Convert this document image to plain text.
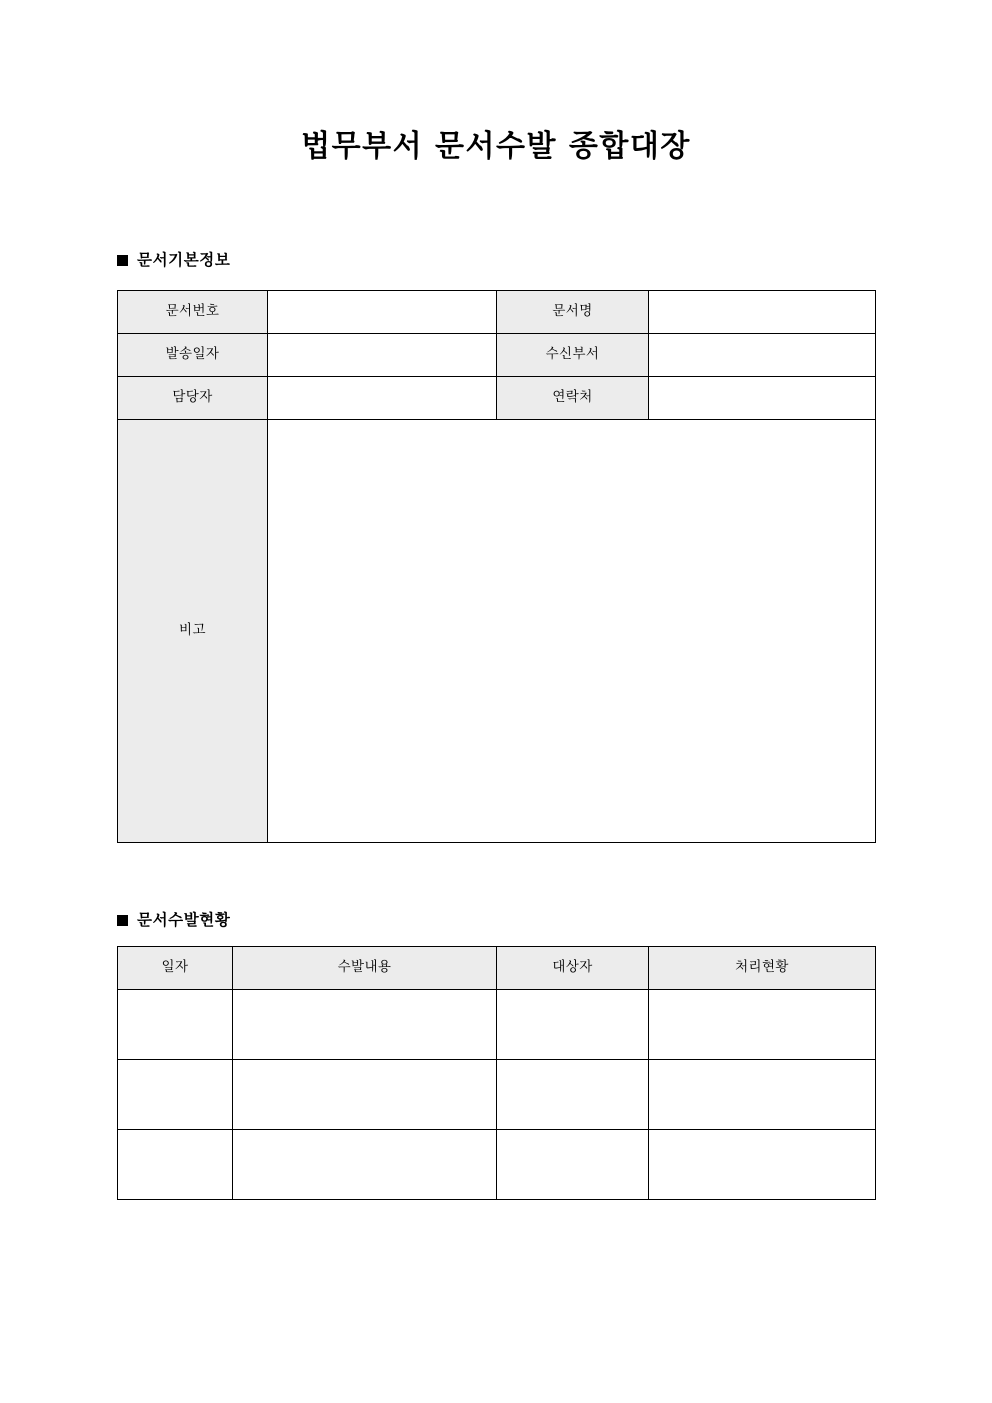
법무부서 문서수발 종합대장
문서기본정보
문서번호		문서명	
발송일자		수신부서	
담당자		연락처	
비고			
문서수발현황
일자	수발내용	대상자	처리현황
